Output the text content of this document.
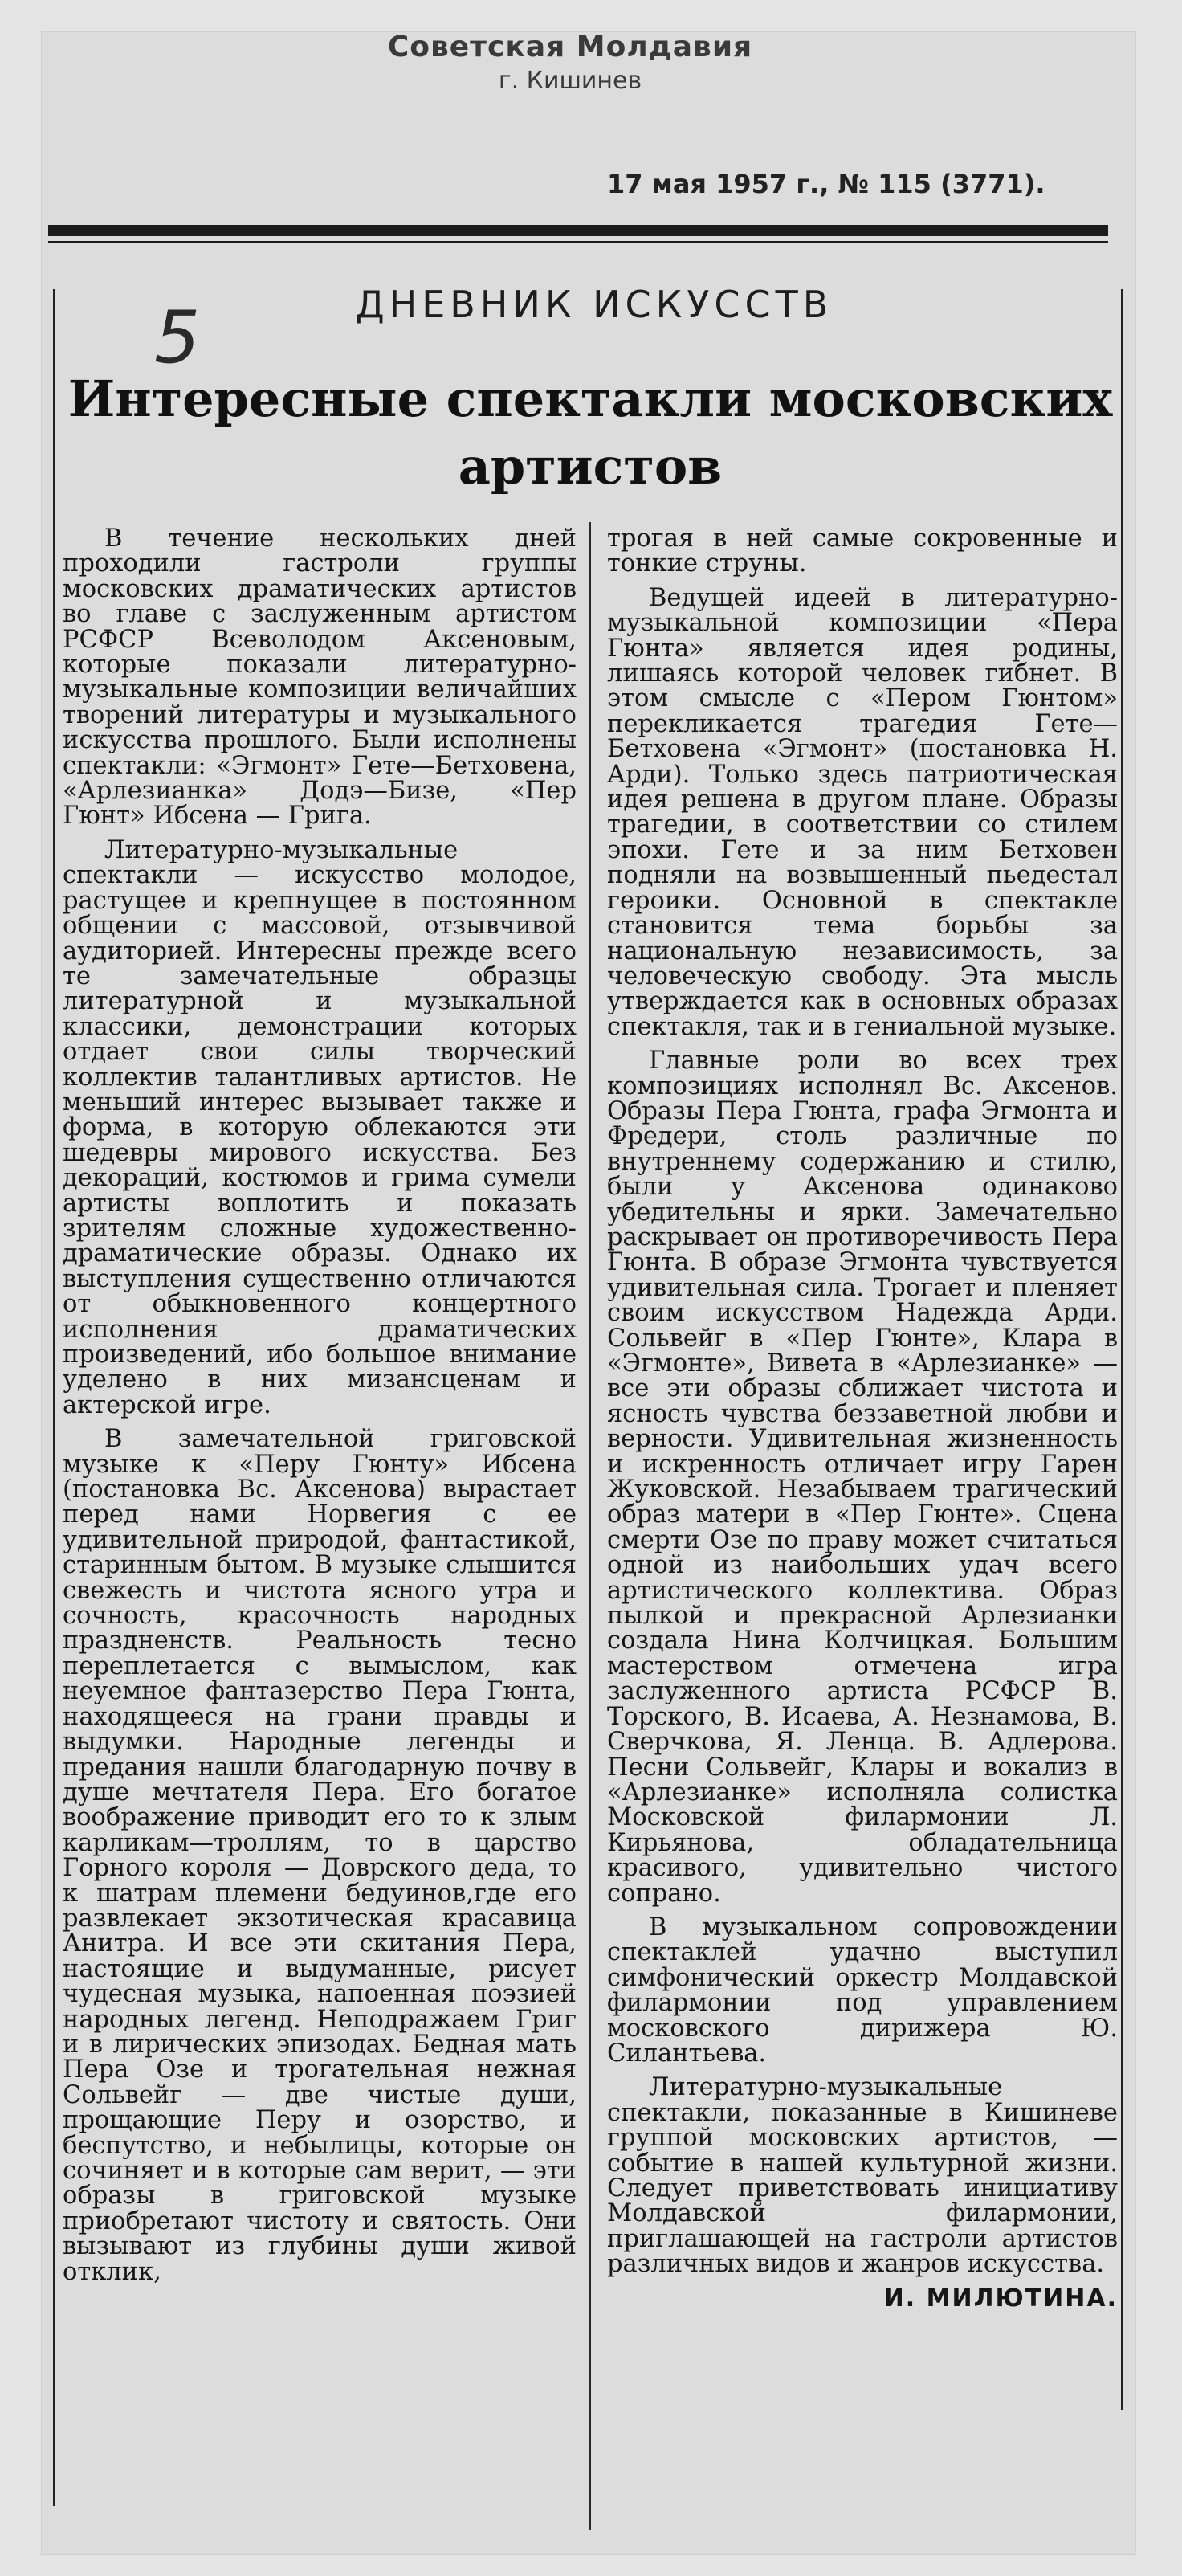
Советская Молдавия
г. Кишинев
17 мая 1957 г., № 115 (3771).
ДНЕВНИК ИСКУССТВ
5
Интересные спектакли московских артистов

В течение нескольких дней проходили гастроли группы московских драматических артистов во главе с заслуженным артистом РСФСР Всеволодом Аксеновым, которые показали литературно-музыкальные композиции величайших творений литературы и музыкального искусства прошлого. Были исполнены спектакли: «Эгмонт» Гете—Бетховена, «Арлезианка» Додэ—Бизе, «Пер Гюнт» Ибсена — Грига.

Литературно-музыкальные спектакли — искусство молодое, растущее и крепнущее в постоянном общении с массовой, отзывчивой аудиторией. Интересны прежде всего те замечательные образцы литературной и музыкальной классики, демонстрации которых отдает свои силы творческий коллектив талантливых артистов. Не меньший интерес вызывает также и форма, в которую облекаются эти шедевры мирового искусства. Без декораций, костюмов и грима сумели артисты воплотить и показать зрителям сложные художественно-драматические образы. Однако их выступления существенно отличаются от обыкновенного концертного исполнения драматических произведений, ибо большое внимание уделено в них мизансценам и актерской игре.

В замечательной григовской музыке к «Перу Гюнту» Ибсена (постановка Вс. Аксенова) вырастает перед нами Норвегия с ее удивительной природой, фантастикой, старинным бытом. В музыке слышится свежесть и чистота ясного утра и сочность, красочность народных праздненств. Реальность тесно переплетается с вымыслом, как неуемное фантазерство Пера Гюнта, находящееся на грани правды и выдумки. Народные легенды и предания нашли благодарную почву в душе мечтателя Пера. Его богатое воображение приводит его то к злым карликам—троллям, то в царство Горного короля — Доврского деда, то к шатрам племени бедуинов,где его развлекает экзотическая красавица Анитра. И все эти скитания Пера, настоящие и выдуманные, рисует чудесная музыка, напоенная поэзией народных легенд. Неподражаем Григ и в лирических эпизодах. Бедная мать Пера Озе и трогательная нежная Сольвейг — две чистые души, прощающие Перу и озорство, и беспутство, и небылицы, которые он сочиняет и в которые сам верит, — эти образы в григовской музыке приобретают чистоту и святость. Они вызывают из глубины души живой отклик,

трогая в ней самые сокровенные и тонкие струны.

Ведущей идеей в литературно-музыкальной композиции «Пера Гюнта» является идея родины, лишаясь которой человек гибнет. В этом смысле с «Пером Гюнтом» перекликается трагедия Гете—Бетховена «Эгмонт» (постановка Н. Арди). Только здесь патриотическая идея решена в другом плане. Образы трагедии, в соответствии со стилем эпохи. Гете и за ним Бетховен подняли на возвышенный пьедестал героики. Основной в спектакле становится тема борьбы за национальную независимость, за человеческую свободу. Эта мысль утверждается как в основных образах спектакля, так и в гениальной музыке.

Главные роли во всех трех композициях исполнял Вс. Аксенов. Образы Пера Гюнта, графа Эгмонта и Фредери, столь различные по внутреннему содержанию и стилю, были у Аксенова одинаково убедительны и ярки. Замечательно раскрывает он противоречивость Пера Гюнта. В образе Эгмонта чувствуется удивительная сила. Трогает и пленяет своим искусством Надежда Арди. Сольвейг в «Пер Гюнте», Клара в «Эгмонте», Вивета в «Арлезианке» — все эти образы сближает чистота и ясность чувства беззаветной любви и верности. Удивительная жизненность и искренность отличает игру Гарен Жуковской. Незабываем трагический образ матери в «Пер Гюнте». Сцена смерти Озе по праву может считаться одной из наибольших удач всего артистического коллектива. Образ пылкой и прекрасной Арлезианки создала Нина Колчицкая. Большим мастерством отмечена игра заслуженного артиста РСФСР В. Торского, В. Исаева, А. Незнамова, В. Сверчкова, Я. Ленца. В. Адлерова. Песни Сольвейг, Клары и вокализ в «Арлезианке» исполняла солистка Московской филармонии Л. Кирьянова, обладательница красивого, удивительно чистого сопрано.

В музыкальном сопровождении спектаклей удачно выступил симфонический оркестр Молдавской филармонии под управлением московского дирижера Ю. Силантьева.

Литературно-музыкальные спектакли, показанные в Кишиневе группой московских артистов, — событие в нашей культурной жизни. Следует приветствовать инициативу Молдавской филармонии, приглашающей на гастроли артистов различных видов и жанров искусства.

И. МИЛЮТИНА.
